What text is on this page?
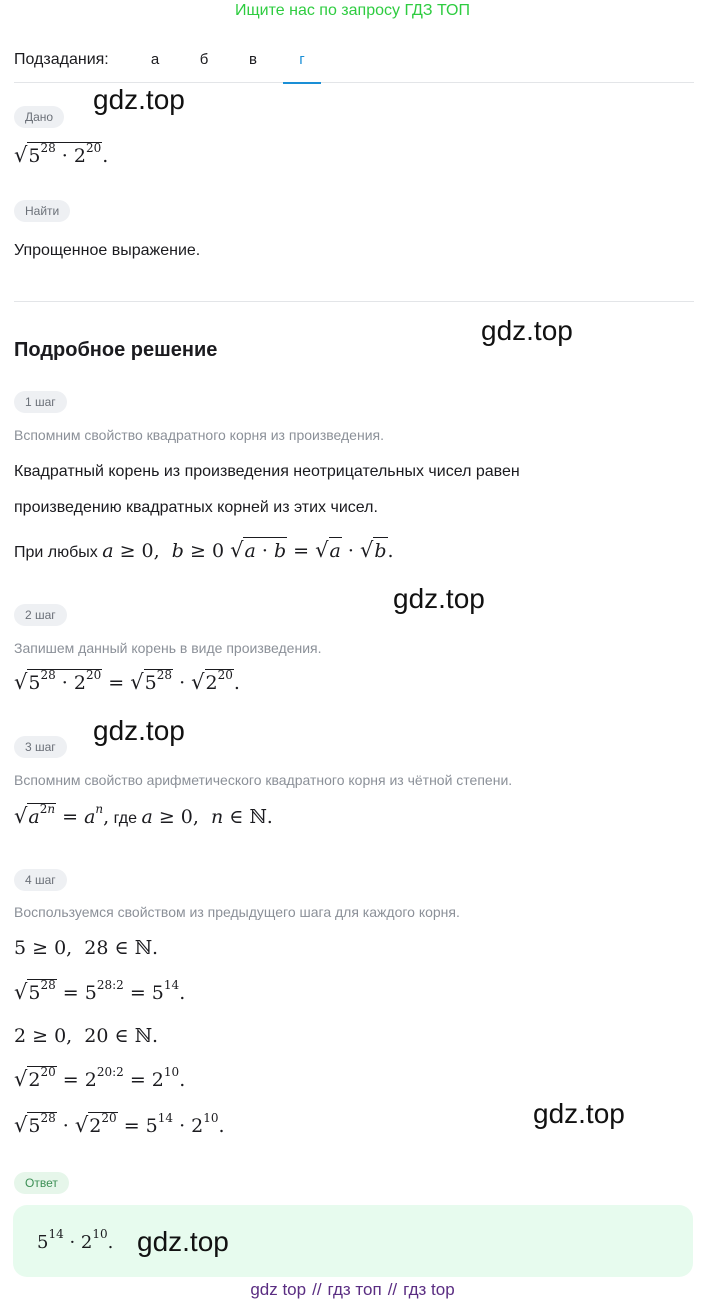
Ищите нас по запросу ГДЗ ТОП
Подзадания:	а	б	в	г
gdz.top
Дано
$√5^{28} \cdot 2^{20}$.
Найти
Упрощенное выражение.
gdz.top
Подробное решение
1 шаг
Вспомним свойство квадратного корня из произведения.
Квадратный корень из произведения неотрицательных чисел равен
произведению квадратных корней из этих чисел.
При любых a ≥ 0,  b ≥ 0 √a · b = √a · √b.
gdz.top
2 шаг
Запишем данный корень в виде произведения.
$√5^{28} \cdot 2^{20} = √5^{28} \cdot √2^{20}$.
gdz.top
3 шаг
Вспомним свойство арифметического квадратного корня из чётной степени.
$√a^{2n} = a^n$, где a ≥ 0,  n ∈ ℕ.
4 шаг
Воспользуемся свойством из предыдущего шага для каждого корня.
5 ≥ 0,  28 ∈ ℕ.
$√5^{28} = 5^{28:2} = 5^{14}$.
2 ≥ 0,  20 ∈ ℕ.
$√2^{20} = 2^{20:2} = 2^{10}$.
$√5^{28} \cdot √2^{20} = 5^{14} \cdot 2^{10}$.	gdz.top
Ответ
$5^{14} \cdot 2^{10}$. gdz.top
gdz top // гдз топ // гдз top
